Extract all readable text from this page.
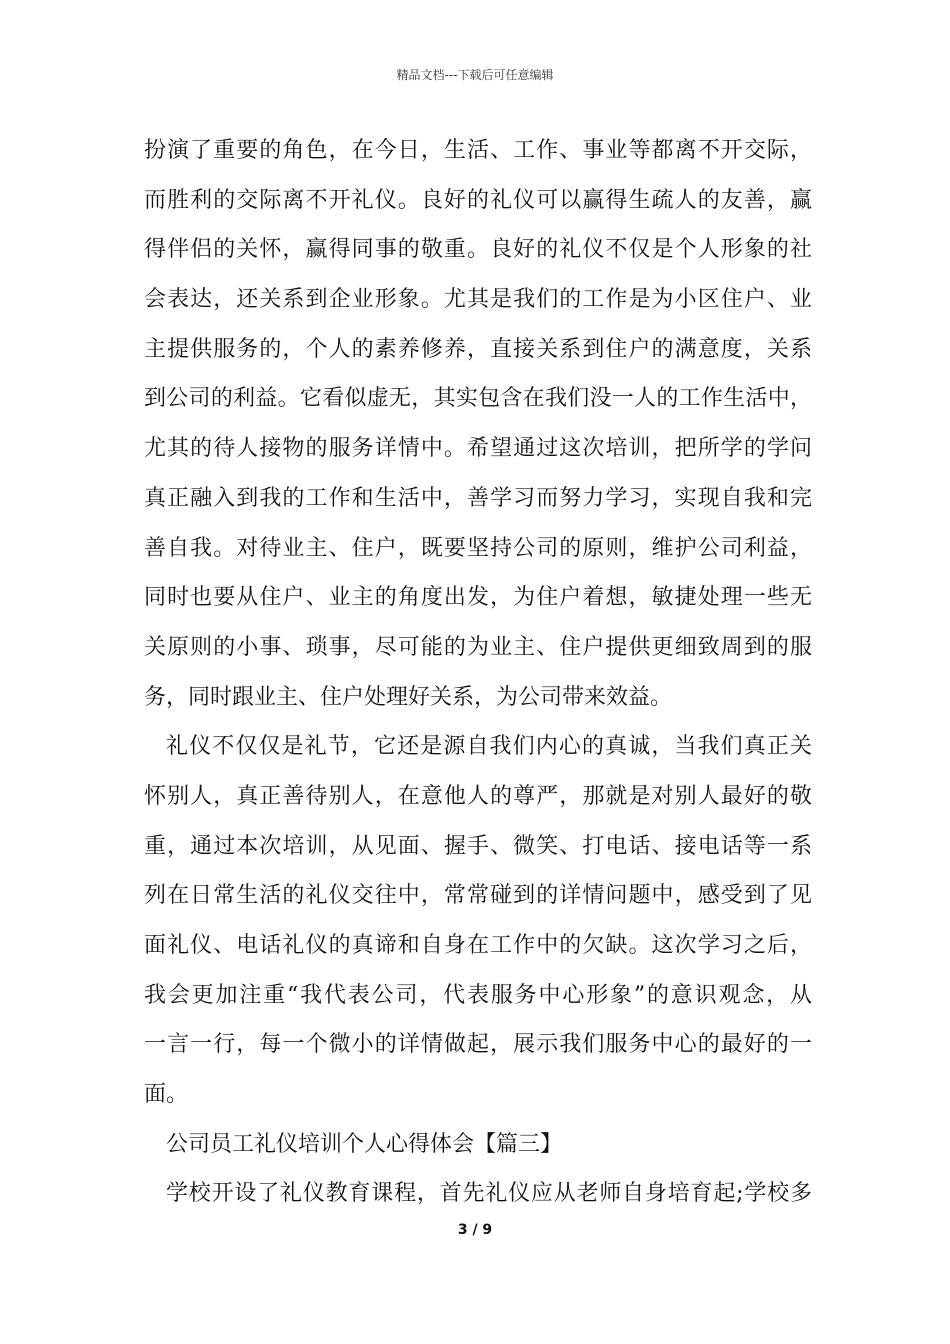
精品文档---下载后可任意编辑
扮演了重要的角色，在今日，生活、工作、事业等都离不开交际，
而胜利的交际离不开礼仪。良好的礼仪可以赢得生疏人的友善，赢
得伴侣的关怀，赢得同事的敬重。良好的礼仪不仅是个人形象的社
会表达，还关系到企业形象。尤其是我们的工作是为小区住户、业
主提供服务的，个人的素养修养，直接关系到住户的满意度，关系
到公司的利益。它看似虚无，其实包含在我们没一人的工作生活中，
尤其的待人接物的服务详情中。希望通过这次培训，把所学的学问
真正融入到我的工作和生活中，善学习而努力学习，实现自我和完
善自我。对待业主、住户，既要坚持公司的原则，维护公司利益，
同时也要从住户、业主的角度出发，为住户着想，敏捷处理一些无
关原则的小事、琐事，尽可能的为业主、住户提供更细致周到的服
务，同时跟业主、住户处理好关系，为公司带来效益。
礼仪不仅仅是礼节，它还是源自我们内心的真诚，当我们真正关
怀别人，真正善待别人，在意他人的尊严，那就是对别人最好的敬
重，通过本次培训，从见面、握手、微笑、打电话、接电话等一系
列在日常生活的礼仪交往中，常常碰到的详情问题中，感受到了见
面礼仪、电话礼仪的真谛和自身在工作中的欠缺。这次学习之后，
我会更加注重“我代表公司，代表服务中心形象”的意识观念，从
一言一行，每一个微小的详情做起，展示我们服务中心的最好的一
面。
公司员工礼仪培训个人心得体会【篇三】
学校开设了礼仪教育课程，首先礼仪应从老师自身培育起;学校多
3 / 9
